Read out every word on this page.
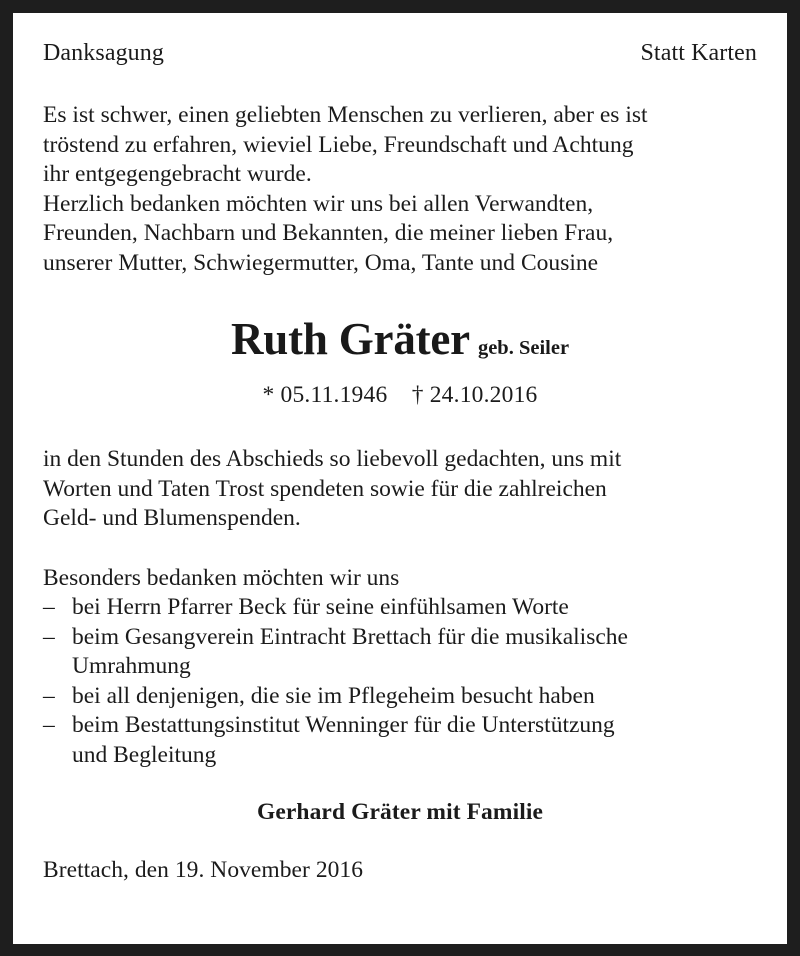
Danksagung	Statt Karten
Es ist schwer, einen geliebten Menschen zu verlieren, aber es ist
tröstend zu erfahren, wieviel Liebe, Freundschaft und Achtung
ihr entgegengebracht wurde.
Herzlich bedanken möchten wir uns bei allen Verwandten,
Freunden, Nachbarn und Bekannten, die meiner lieben Frau,
unserer Mutter, Schwiegermutter, Oma, Tante und Cousine
Ruth Gräter geb. Seiler
* 05.11.1946    † 24.10.2016
in den Stunden des Abschieds so liebevoll gedachten, uns mit
Worten und Taten Trost spendeten sowie für die zahlreichen
Geld- und Blumenspenden.
Besonders bedanken möchten wir uns
– bei Herrn Pfarrer Beck für seine einfühlsamen Worte
– beim Gesangverein Eintracht Brettach für die musikalische
Umrahmung
– bei all denjenigen, die sie im Pflegeheim besucht haben
– beim Bestattungsinstitut Wenninger für die Unterstützung
und Begleitung
Gerhard Gräter mit Familie
Brettach, den 19. November 2016
